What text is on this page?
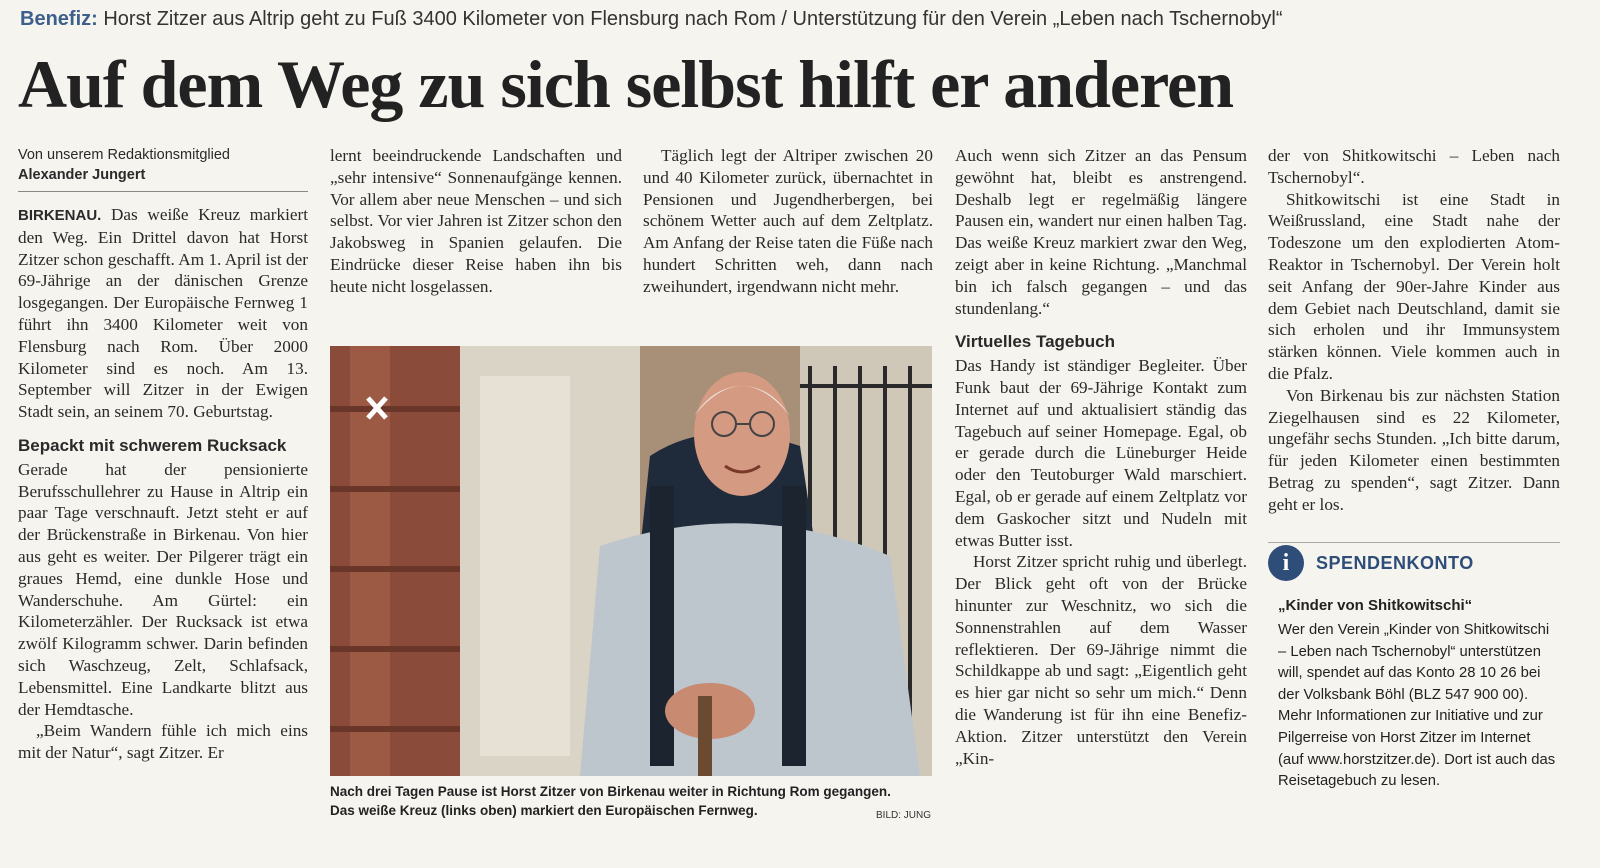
Benefiz: Horst Zitzer aus Altrip geht zu Fuß 3400 Kilometer von Flensburg nach Rom / Unterstützung für den Verein „Leben nach Tschernobyl“
Auf dem Weg zu sich selbst hilft er anderen
Von unserem Redaktionsmitglied
Alexander Jungert

BIRKENAU. Das weiße Kreuz markiert den Weg. Ein Drittel davon hat Horst Zitzer schon geschafft. Am 1. April ist der 69-Jährige an der dänischen Grenze losgegangen. Der Europäische Fernweg 1 führt ihn 3400 Kilometer weit von Flensburg nach Rom. Über 2000 Kilometer sind es noch. Am 13. September will Zitzer in der Ewigen Stadt sein, an seinem 70. Geburtstag.

Bepackt mit schwerem Rucksack

Gerade hat der pensionierte Berufsschullehrer zu Hause in Altrip ein paar Tage verschnauft. Jetzt steht er auf der Brückenstraße in Birkenau. Von hier aus geht es weiter. Der Pilgerer trägt ein graues Hemd, eine dunkle Hose und Wanderschuhe. Am Gürtel: ein Kilometerzähler. Der Rucksack ist etwa zwölf Kilogramm schwer. Darin befinden sich Waschzeug, Zelt, Schlafsack, Lebensmittel. Eine Landkarte blitzt aus der Hemdtasche.

„Beim Wandern fühle ich mich eins mit der Natur“, sagt Zitzer. Er

lernt beeindruckende Landschaften und „sehr intensive“ Sonnenaufgänge kennen. Vor allem aber neue Menschen – und sich selbst. Vor vier Jahren ist Zitzer schon den Jakobsweg in Spanien gelaufen. Die Eindrücke dieser Reise haben ihn bis heute nicht losgelassen.

Täglich legt der Altriper zwischen 20 und 40 Kilometer zurück, übernachtet in Pensionen und Jugendherbergen, bei schönem Wetter auch auf dem Zeltplatz. Am Anfang der Reise taten die Füße nach hundert Schritten weh, dann nach zweihundert, irgendwann nicht mehr.

Nach drei Tagen Pause ist Horst Zitzer von Birkenau weiter in Richtung Rom gegangen.

Das weiße Kreuz (links oben) markiert den Europäischen Fernweg.	BILD: JUNG

Auch wenn sich Zitzer an das Pensum gewöhnt hat, bleibt es anstrengend. Deshalb legt er regelmäßig längere Pausen ein, wandert nur einen halben Tag. Das weiße Kreuz markiert zwar den Weg, zeigt aber in keine Richtung. „Manchmal bin ich falsch gegangen – und das stundenlang.“

Virtuelles Tagebuch

Das Handy ist ständiger Begleiter. Über Funk baut der 69-Jährige Kontakt zum Internet auf und aktualisiert ständig das Tagebuch auf seiner Homepage. Egal, ob er gerade durch die Lüneburger Heide oder den Teutoburger Wald marschiert. Egal, ob er gerade auf einem Zeltplatz vor dem Gaskocher sitzt und Nudeln mit etwas Butter isst.

Horst Zitzer spricht ruhig und überlegt. Der Blick geht oft von der Brücke hinunter zur Weschnitz, wo sich die Sonnenstrahlen auf dem Wasser reflektieren. Der 69-Jährige nimmt die Schildkappe ab und sagt: „Eigentlich geht es hier gar nicht so sehr um mich.“ Denn die Wanderung ist für ihn eine Benefiz-Aktion. Zitzer unterstützt den Verein „Kin-

der von Shitkowitschi – Leben nach Tschernobyl“.

Shitkowitschi ist eine Stadt in Weißrussland, eine Stadt nahe der Todeszone um den explodierten Atom-Reaktor in Tschernobyl. Der Verein holt seit Anfang der 90er-Jahre Kinder aus dem Gebiet nach Deutschland, damit sie sich erholen und ihr Immunsystem stärken können. Viele kommen auch in die Pfalz.

Von Birkenau bis zur nächsten Station Ziegelhausen sind es 22 Kilometer, ungefähr sechs Stunden. „Ich bitte darum, für jeden Kilometer einen bestimmten Betrag zu spenden“, sagt Zitzer. Dann geht er los.

i	SPENDENKONTO
„Kinder von Shitkowitschi“
Wer den Verein „Kinder von Shitkowitschi – Leben nach Tschernobyl“ unterstützen will, spendet auf das Konto 28 10 26 bei der Volksbank Böhl (BLZ 547 900 00). Mehr Informationen zur Initiative und zur Pilgerreise von Horst Zitzer im Internet (auf www.horstzitzer.de). Dort ist auch das Reisetagebuch zu lesen.
